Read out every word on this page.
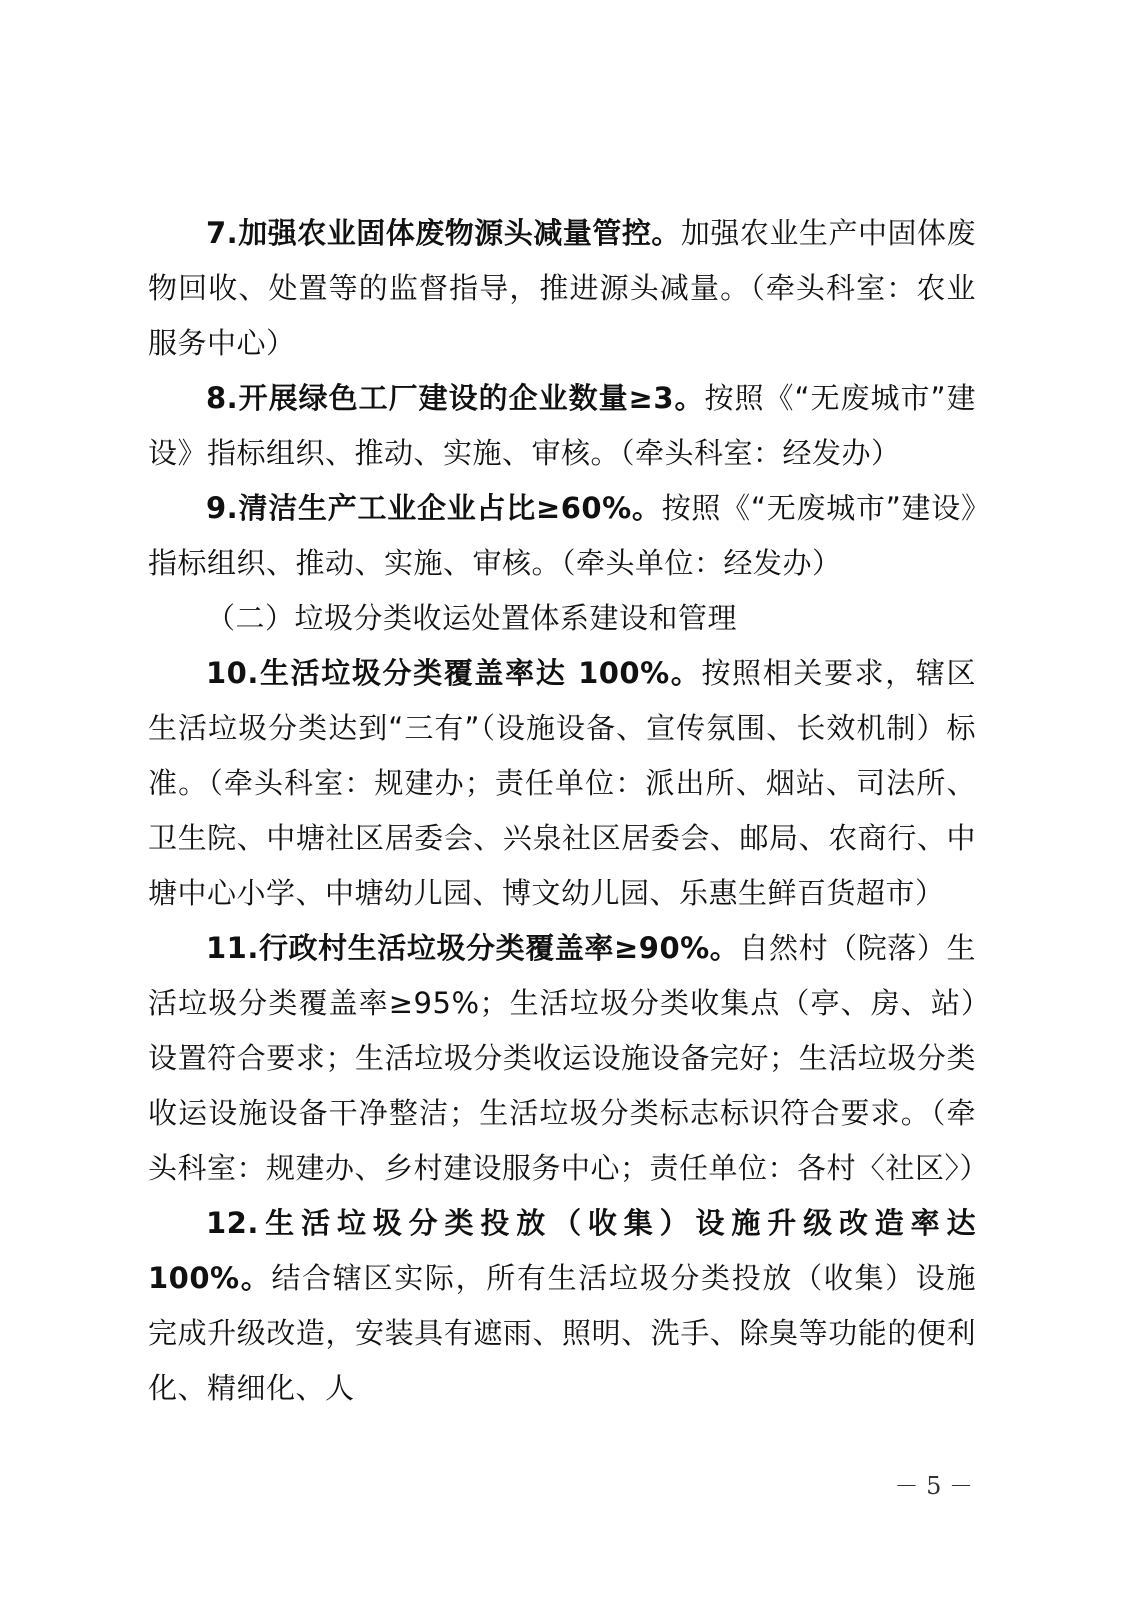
7.加强农业固体废物源头减量管控。加强农业生产中固体废物回收、处置等的监督指导，推进源头减量。（牵头科室：农业服务中心）

8.开展绿色工厂建设的企业数量≥3。按照《“无废城市”建设》指标组织、推动、实施、审核。（牵头科室：经发办）

9.清洁生产工业企业占比≥60%。按照《“无废城市”建设》指标组织、推动、实施、审核。（牵头单位：经发办）

（二）垃圾分类收运处置体系建设和管理

10.生活垃圾分类覆盖率达 100%。按照相关要求，辖区生活垃圾分类达到“三有”（设施设备、宣传氛围、长效机制）标准。（牵头科室：规建办；责任单位：派出所、烟站、司法所、卫生院、中塘社区居委会、兴泉社区居委会、邮局、农商行、中塘中心小学、中塘幼儿园、博文幼儿园、乐惠生鲜百货超市）

11.行政村生活垃圾分类覆盖率≥90%。自然村（院落）生活垃圾分类覆盖率≥95%；生活垃圾分类收集点（亭、房、站）设置符合要求；生活垃圾分类收运设施设备完好；生活垃圾分类收运设施设备干净整洁；生活垃圾分类标志标识符合要求。（牵头科室：规建办、乡村建设服务中心；责任单位：各村〈社区〉）

12.生活垃圾分类投放（收集）设施升级改造率达 100%。结合辖区实际，所有生活垃圾分类投放（收集）设施完成升级改造，安装具有遮雨、照明、洗手、除臭等功能的便利化、精细化、人

－ 5 －
